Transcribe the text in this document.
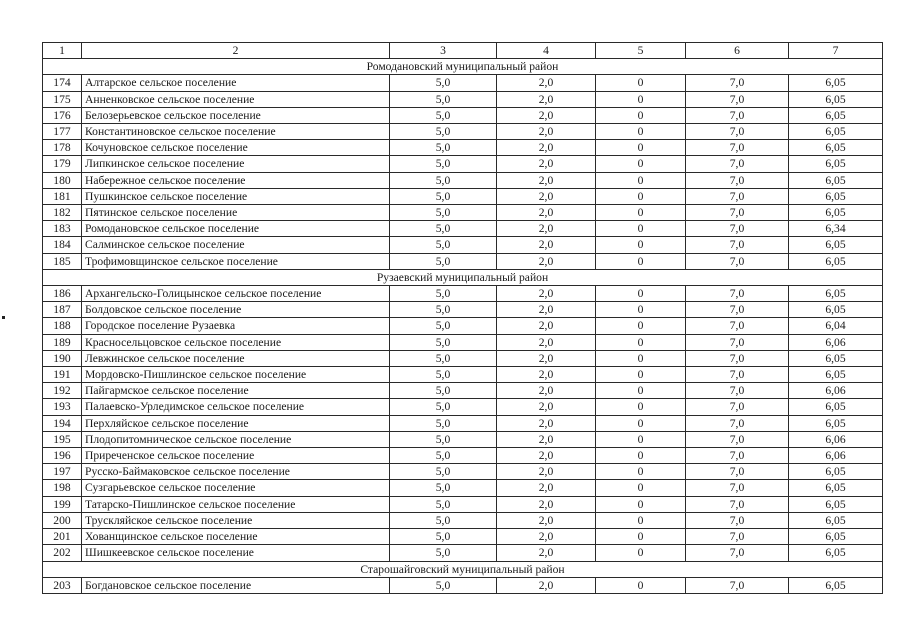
1	2	3	4	5	6	7
Ромодановский муниципальный район						
174	Алтарское сельское поселение	5,0	2,0	0	7,0	6,05
175	Анненковское сельское поселение	5,0	2,0	0	7,0	6,05
176	Белозерьевское сельское поселение	5,0	2,0	0	7,0	6,05
177	Константиновское сельское поселение	5,0	2,0	0	7,0	6,05
178	Кочуновское сельское поселение	5,0	2,0	0	7,0	6,05
179	Липкинское сельское поселение	5,0	2,0	0	7,0	6,05
180	Набережное сельское поселение	5,0	2,0	0	7,0	6,05
181	Пушкинское сельское поселение	5,0	2,0	0	7,0	6,05
182	Пятинское сельское поселение	5,0	2,0	0	7,0	6,05
183	Ромодановское сельское поселение	5,0	2,0	0	7,0	6,34
184	Салминское сельское поселение	5,0	2,0	0	7,0	6,05
185	Трофимовщинское сельское поселение	5,0	2,0	0	7,0	6,05
Рузаевский муниципальный район						
186	Архангельско-Голицынское сельское поселение	5,0	2,0	0	7,0	6,05
187	Болдовское сельское поселение	5,0	2,0	0	7,0	6,05
188	Городское поселение Рузаевка	5,0	2,0	0	7,0	6,04
189	Красносельцовское сельское поселение	5,0	2,0	0	7,0	6,06
190	Левжинское сельское поселение	5,0	2,0	0	7,0	6,05
191	Мордовско-Пишлинское сельское поселение	5,0	2,0	0	7,0	6,05
192	Пайгармское сельское поселение	5,0	2,0	0	7,0	6,06
193	Палаевско-Урледимское сельское поселение	5,0	2,0	0	7,0	6,05
194	Перхляйское сельское поселение	5,0	2,0	0	7,0	6,05
195	Плодопитомническое сельское поселение	5,0	2,0	0	7,0	6,06
196	Приреченское сельское поселение	5,0	2,0	0	7,0	6,06
197	Русско-Баймаковское сельское поселение	5,0	2,0	0	7,0	6,05
198	Сузгарьевское сельское поселение	5,0	2,0	0	7,0	6,05
199	Татарско-Пишлинское сельское поселение	5,0	2,0	0	7,0	6,05
200	Трускляйское сельское поселение	5,0	2,0	0	7,0	6,05
201	Хованщинское сельское поселение	5,0	2,0	0	7,0	6,05
202	Шишкеевское сельское поселение	5,0	2,0	0	7,0	6,05
Старошайговский муниципальный район						
203	Богдановское сельское поселение	5,0	2,0	0	7,0	6,05
